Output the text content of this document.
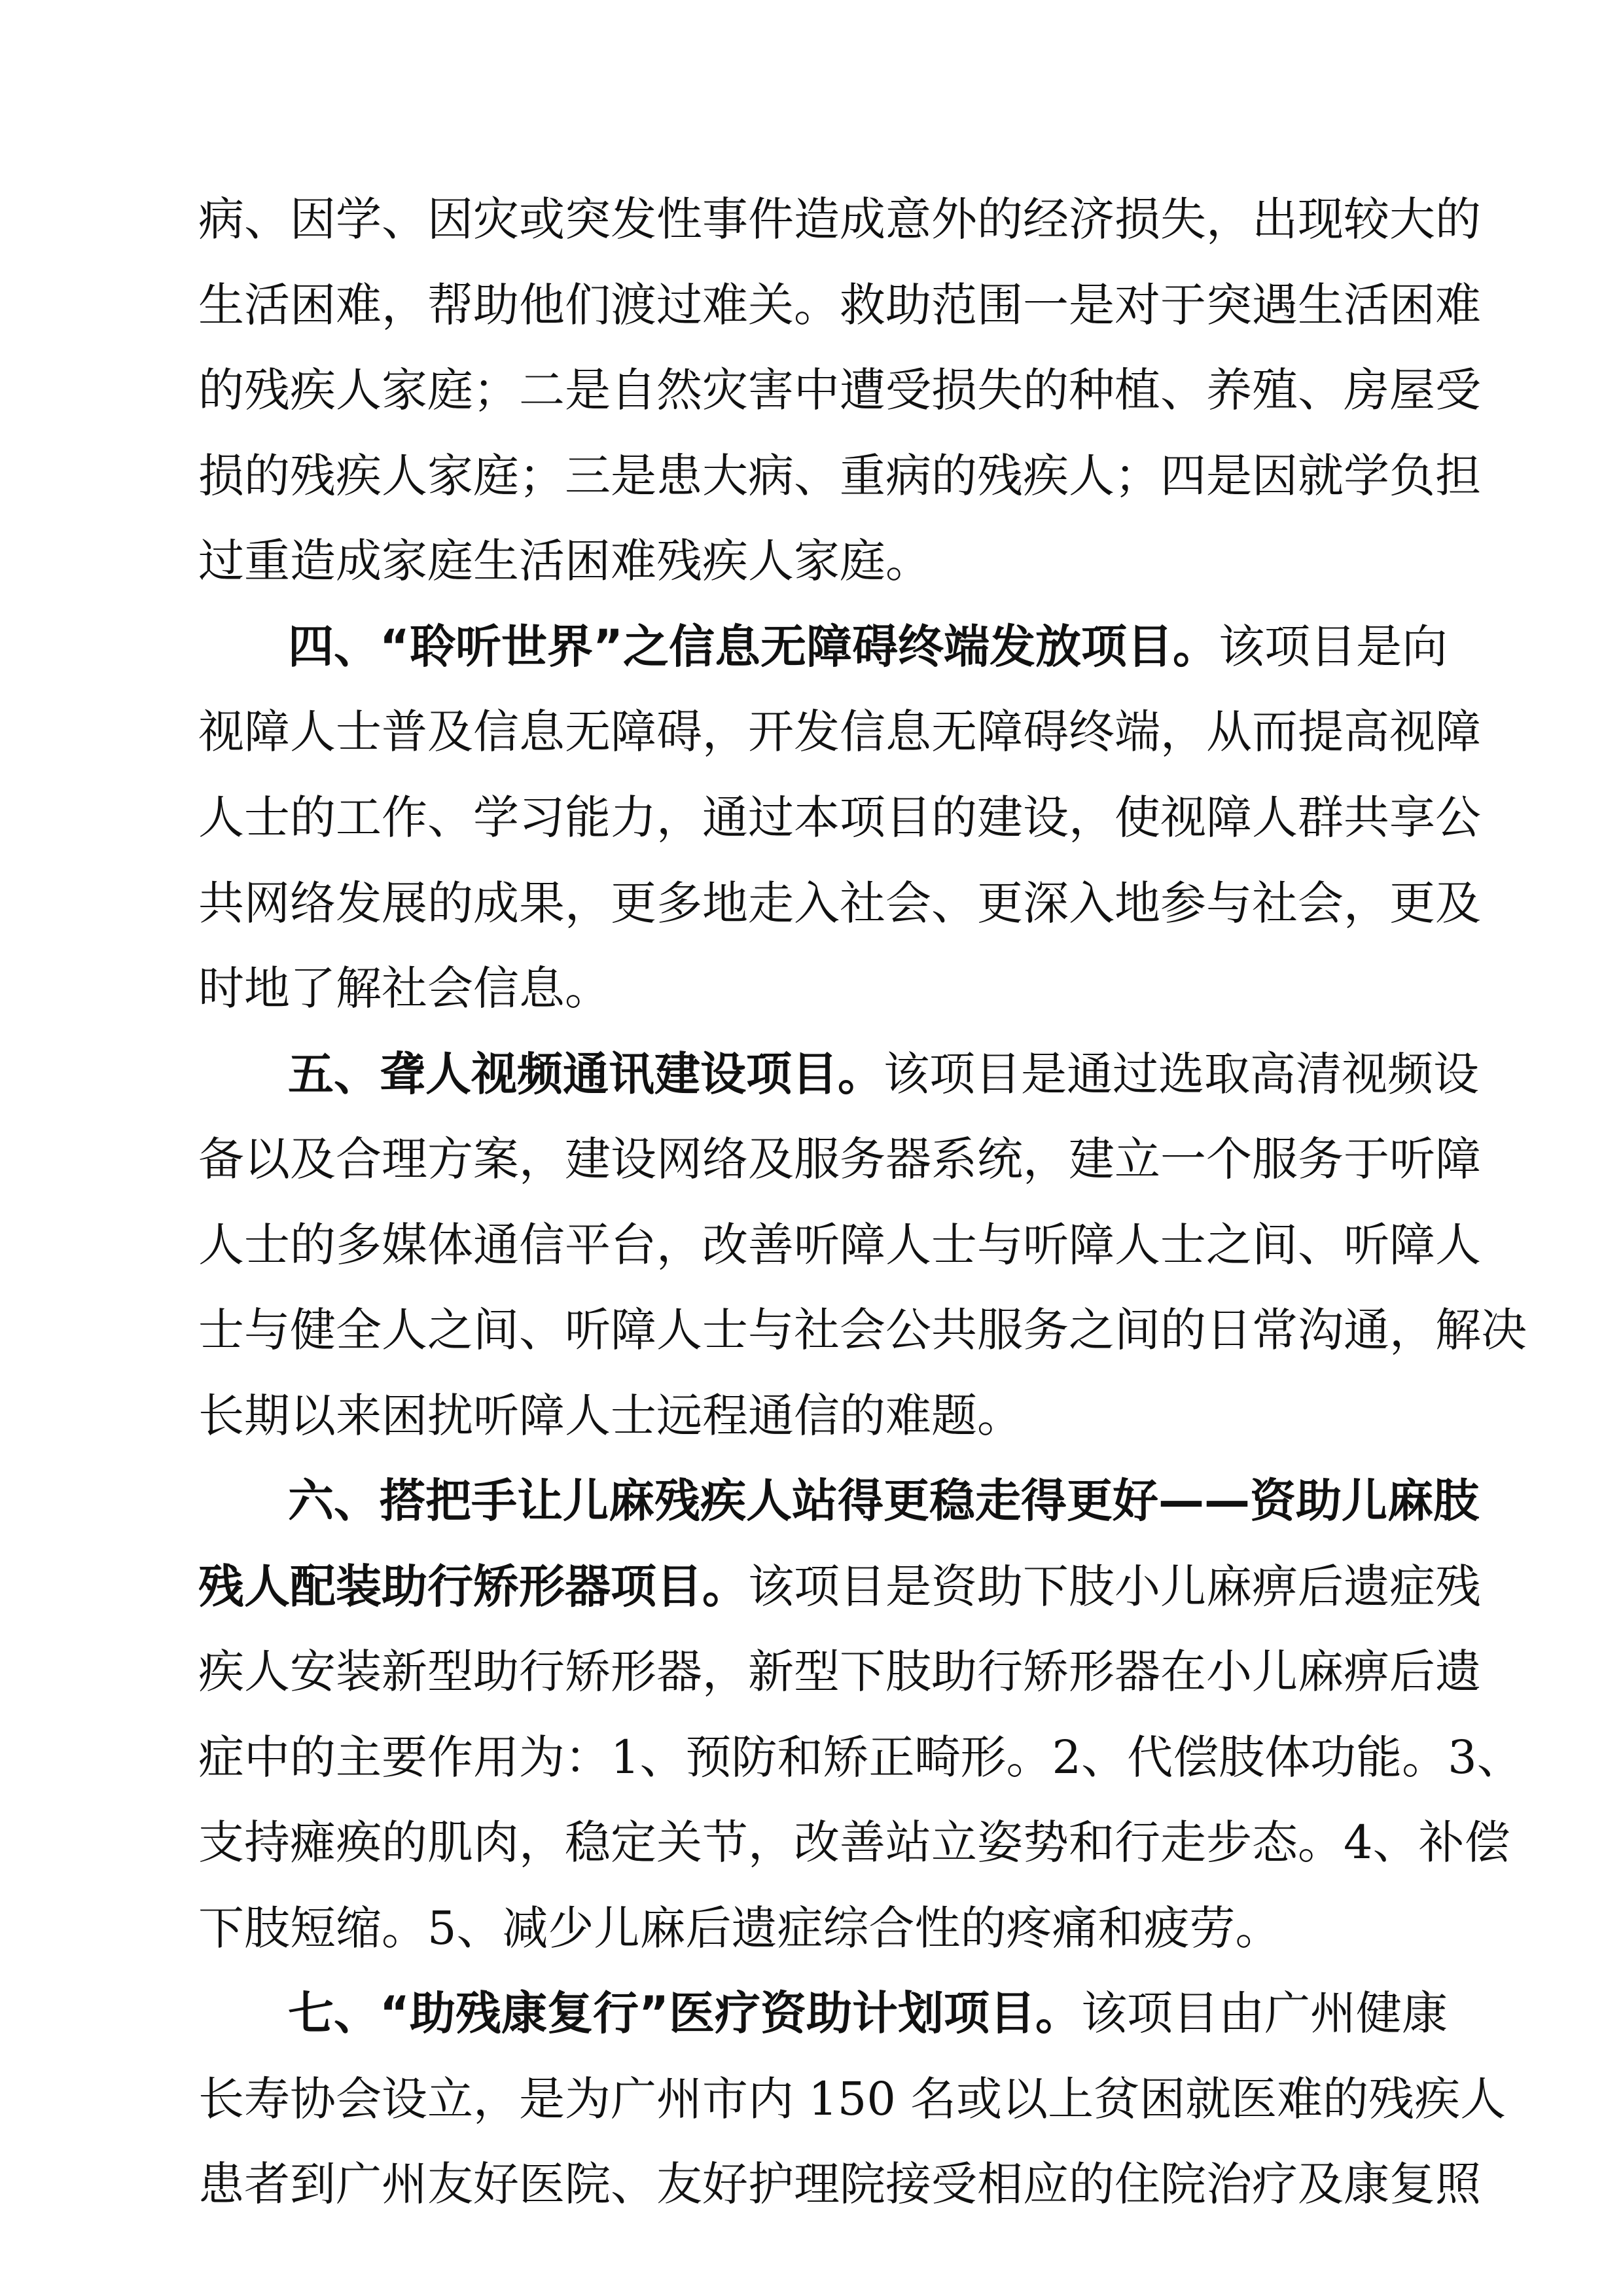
病、因学、因灾或突发性事件造成意外的经济损失，出现较大的
生活困难，帮助他们渡过难关。救助范围一是对于突遇生活困难
的残疾人家庭；二是自然灾害中遭受损失的种植、养殖、房屋受
损的残疾人家庭；三是患大病、重病的残疾人；四是因就学负担
过重造成家庭生活困难残疾人家庭。
四、“聆听世界”之信息无障碍终端发放项目。该项目是向
视障人士普及信息无障碍，开发信息无障碍终端，从而提高视障
人士的工作、学习能力，通过本项目的建设，使视障人群共享公
共网络发展的成果，更多地走入社会、更深入地参与社会，更及
时地了解社会信息。
五、聋人视频通讯建设项目。该项目是通过选取高清视频设
备以及合理方案，建设网络及服务器系统，建立一个服务于听障
人士的多媒体通信平台，改善听障人士与听障人士之间、听障人
士与健全人之间、听障人士与社会公共服务之间的日常沟通，解决
长期以来困扰听障人士远程通信的难题。
六、搭把手让儿麻残疾人站得更稳走得更好——资助儿麻肢
残人配装助行矫形器项目。该项目是资助下肢小儿麻痹后遗症残
疾人安装新型助行矫形器，新型下肢助行矫形器在小儿麻痹后遗
症中的主要作用为：1、预防和矫正畸形。2、代偿肢体功能。3、
支持瘫痪的肌肉，稳定关节，改善站立姿势和行走步态。4、补偿
下肢短缩。5、减少儿麻后遗症综合性的疼痛和疲劳。
七、“助残康复行”医疗资助计划项目。该项目由广州健康
长寿协会设立，是为广州市内 150 名或以上贫困就医难的残疾人
患者到广州友好医院、友好护理院接受相应的住院治疗及康复照
